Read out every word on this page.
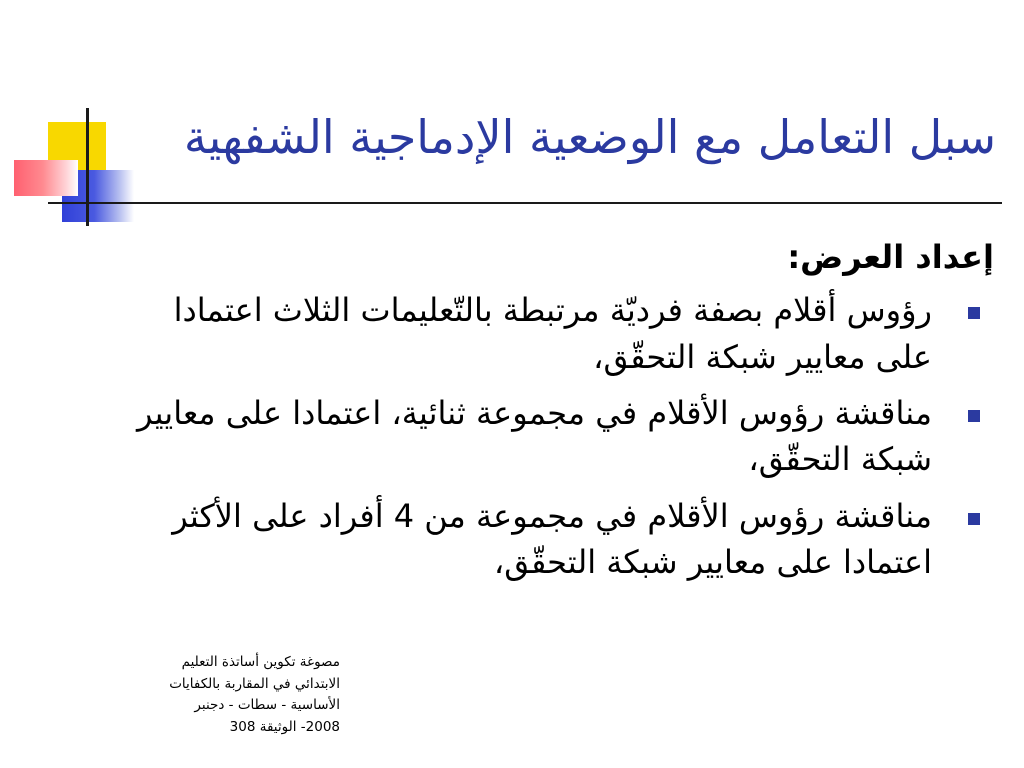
سبل التعامل مع الوضعية الإدماجية الشفهية
إعداد العرض:
رؤوس أقلام بصفة فرديّة مرتبطة بالتّعليمات الثلاث اعتمادا على معايير شبكة التحقّق،
مناقشة رؤوس الأقلام في مجموعة ثنائية، اعتمادا على معايير شبكة التحقّق،
مناقشة رؤوس الأقلام في مجموعة من 4 أفراد على الأكثر اعتمادا على معايير شبكة التحقّق،
مصوغة تكوين أساتذة التعليم
الابتدائي في المقاربة بالكفايات
الأساسية - سطات - دجنبر
2008- الوثيقة 308
